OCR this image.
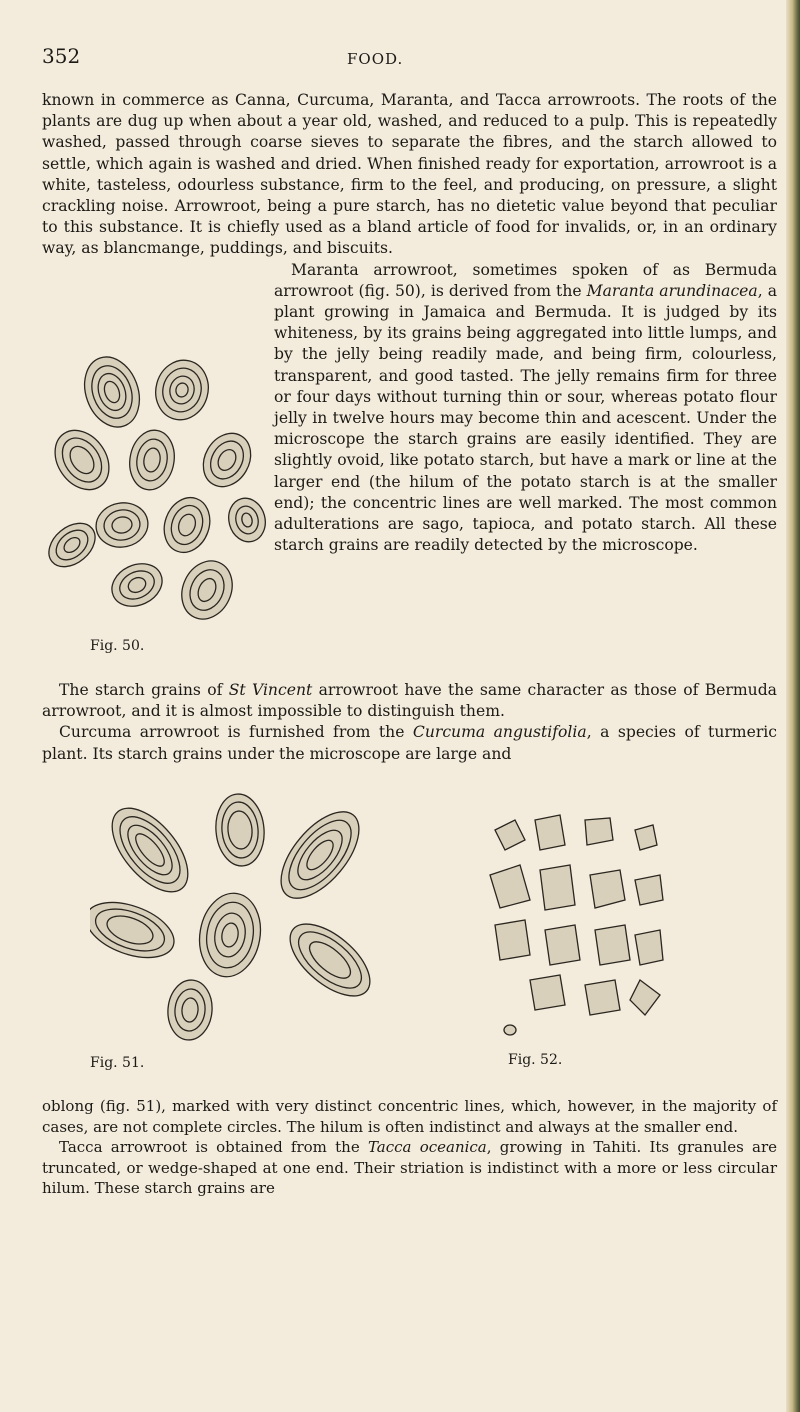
352	FOOD.

known in commerce as Canna, Curcuma, Maranta, and Tacca arrowroots. The roots of the plants are dug up when about a year old, washed, and reduced to a pulp. This is repeatedly washed, passed through coarse sieves to separate the fibres, and the starch allowed to settle, which again is washed and dried. When finished ready for exportation, arrowroot is a white, tasteless, odourless substance, firm to the feel, and producing, on pressure, a slight crackling noise. Arrowroot, being a pure starch, has no dietetic value beyond that peculiar to this substance. It is chiefly used as a bland article of food for invalids, or, in an ordinary way, as blancmange, puddings, and biscuits.

Maranta arrowroot, sometimes spoken of as Bermuda arrowroot (fig. 50), is derived from the Maranta arundinacea, a plant growing in Jamaica and Bermuda. It is judged by its whiteness, by its grains being aggregated into little lumps, and by the jelly being readily made, and being firm, colourless, transparent, and good tasted. The jelly remains firm for three or four days without turning thin or sour, whereas potato flour jelly in twelve hours may become thin and acescent. Under the microscope the starch grains are easily identified. They are slightly ovoid, like potato starch, but have a mark or line at the larger end (the hilum of the potato starch is at the smaller end); the concentric lines are well marked. The most common adulterations are sago, tapioca, and potato starch. All these starch grains are readily detected by the microscope.

Fig. 50.

The starch grains of St Vincent arrowroot have the same character as those of Bermuda arrowroot, and it is almost impossible to distinguish them.

Curcuma arrowroot is furnished from the Curcuma angustifolia, a species of turmeric plant. Its starch grains under the microscope are large and

Fig. 51.	Fig. 52.

oblong (fig. 51), marked with very distinct concentric lines, which, however, in the majority of cases, are not complete circles. The hilum is often indistinct and always at the smaller end.

Tacca arrowroot is obtained from the Tacca oceanica, growing in Tahiti. Its granules are truncated, or wedge-shaped at one end. Their striation is indistinct with a more or less circular hilum. These starch grains are
